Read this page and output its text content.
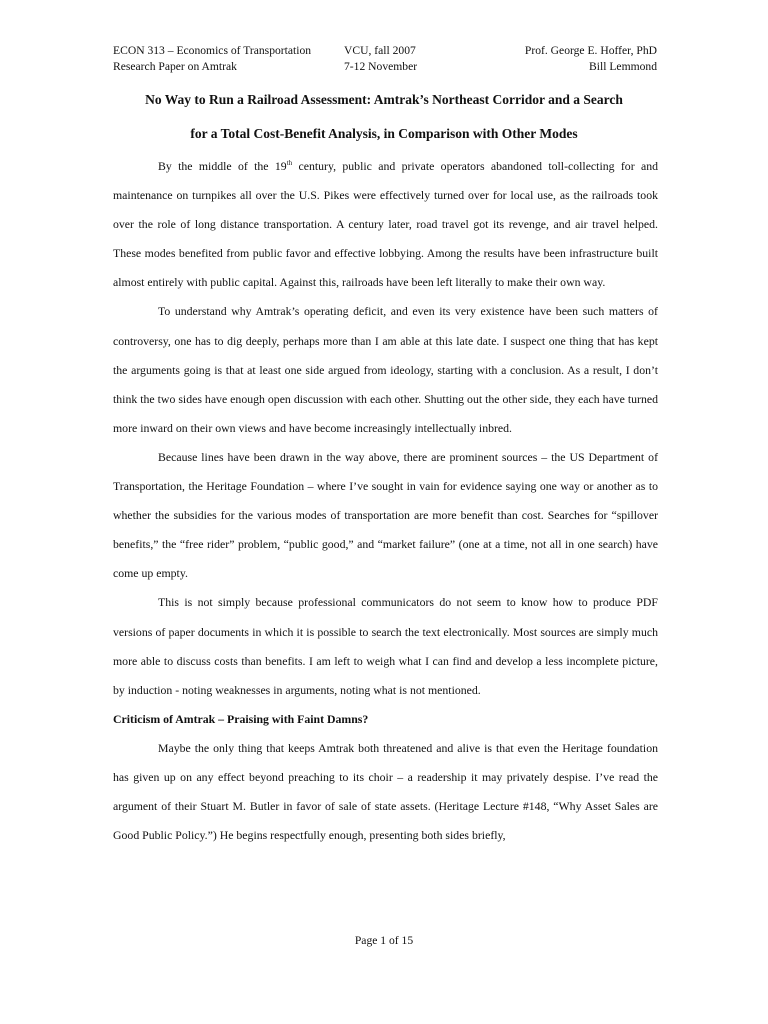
ECON 313 – Economics of Transportation
Research Paper on Amtrak
VCU, fall 2007
7-12 November
Prof. George E. Hoffer, PhD
Bill Lemmond
No Way to Run a Railroad Assessment: Amtrak’s Northeast Corridor and a Search
for a Total Cost-Benefit Analysis, in Comparison with Other Modes

By the middle of the 19th century, public and private operators abandoned toll-collecting for and maintenance on turnpikes all over the U.S. Pikes were effectively turned over for local use, as the railroads took over the role of long distance transportation. A century later, road travel got its revenge, and air travel helped. These modes benefited from public favor and effective lobbying. Among the results have been infrastructure built almost entirely with public capital. Against this, railroads have been left literally to make their own way.

To understand why Amtrak’s operating deficit, and even its very existence have been such matters of controversy, one has to dig deeply, perhaps more than I am able at this late date. I suspect one thing that has kept the arguments going is that at least one side argued from ideology, starting with a conclusion. As a result, I don’t think the two sides have enough open discussion with each other. Shutting out the other side, they each have turned more inward on their own views and have become increasingly intellectually inbred.

Because lines have been drawn in the way above, there are prominent sources – the US Department of Transportation, the Heritage Foundation – where I’ve sought in vain for evidence saying one way or another as to whether the subsidies for the various modes of transportation are more benefit than cost. Searches for “spillover benefits,” the “free rider” problem, “public good,” and “market failure” (one at a time, not all in one search) have come up empty.

This is not simply because professional communicators do not seem to know how to produce PDF versions of paper documents in which it is possible to search the text electronically. Most sources are simply much more able to discuss costs than benefits. I am left to weigh what I can find and develop a less incomplete picture, by induction - noting weaknesses in arguments, noting what is not mentioned.

Criticism of Amtrak – Praising with Faint Damns?

Maybe the only thing that keeps Amtrak both threatened and alive is that even the Heritage foundation has given up on any effect beyond preaching to its choir – a readership it may privately despise. I’ve read the argument of their Stuart M. Butler in favor of sale of state assets. (Heritage Lecture #148, “Why Asset Sales are Good Public Policy.”) He begins respectfully enough, presenting both sides briefly,

Page 1 of 15
